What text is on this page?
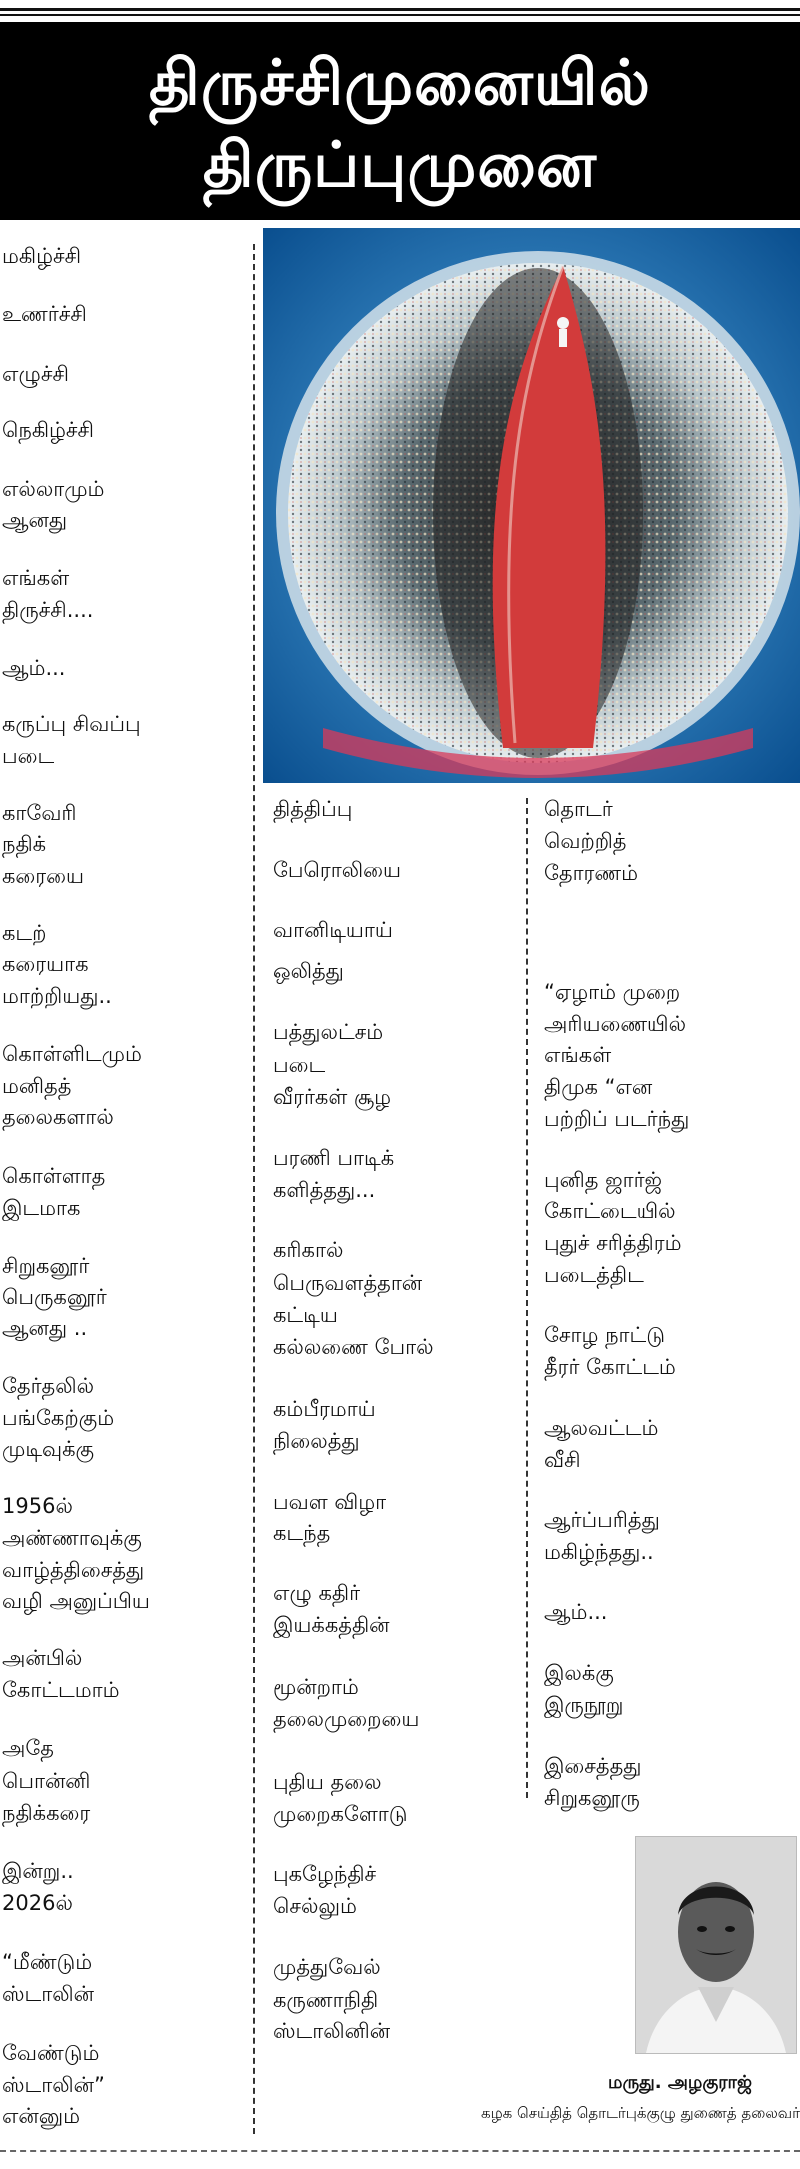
திருச்சிமுனையில்
திருப்புமுனை
மகிழ்ச்சி
உணர்ச்சி
எழுச்சி
நெகிழ்ச்சி
எல்லாமும்
ஆனது
எங்கள்
திருச்சி....
ஆம்...
கருப்பு சிவப்பு
படை
காவேரி
நதிக்
கரையை
கடற்
கரையாக
மாற்றியது..
கொள்ளிடமும்
மனிதத்
தலைகளால்
கொள்ளாத
இடமாக
சிறுகனூர்
பெருகனூர்
ஆனது ..
தேர்தலில்
பங்கேற்கும்
முடிவுக்கு
1956ல்
அண்ணாவுக்கு
வாழ்த்திசைத்து
வழி அனுப்பிய
அன்பில்
கோட்டமாம்
அதே
பொன்னி
நதிக்கரை
இன்று..
2026ல்
“மீண்டும்
ஸ்டாலின்
வேண்டும்
ஸ்டாலின்”
என்னும்
தித்திப்பு
பேரொலியை
வானிடியாய்
ஒலித்து
பத்துலட்சம்
படை
வீரர்கள் சூழ
பரணி பாடிக்
களித்தது...
கரிகால்
பெருவளத்தான்
கட்டிய
கல்லணை போல்
கம்பீரமாய்
நிலைத்து
பவள விழா
கடந்த
எழு கதிர்
இயக்கத்தின்
மூன்றாம்
தலைமுறையை
புதிய தலை
முறைகளோடு
புகழேந்திச்
செல்லும்
முத்துவேல்
கருணாநிதி
ஸ்டாலினின்
தொடர்
வெற்றித்
தோரணம்
“ஏழாம் முறை
அரியணையில்
எங்கள்
திமுக “என
பற்றிப் படர்ந்து
புனித ஜார்ஜ்
கோட்டையில்
புதுச் சரித்திரம்
படைத்திட
சோழ நாட்டு
தீரர் கோட்டம்
ஆலவட்டம்
வீசி
ஆர்ப்பரித்து
மகிழ்ந்தது..
ஆம்...
இலக்கு
இருநூறு
இசைத்தது
சிறுகனூரு
மருது. அழகுராஜ்
கழக செய்தித் தொடர்புக்குழு துணைத் தலைவர்
